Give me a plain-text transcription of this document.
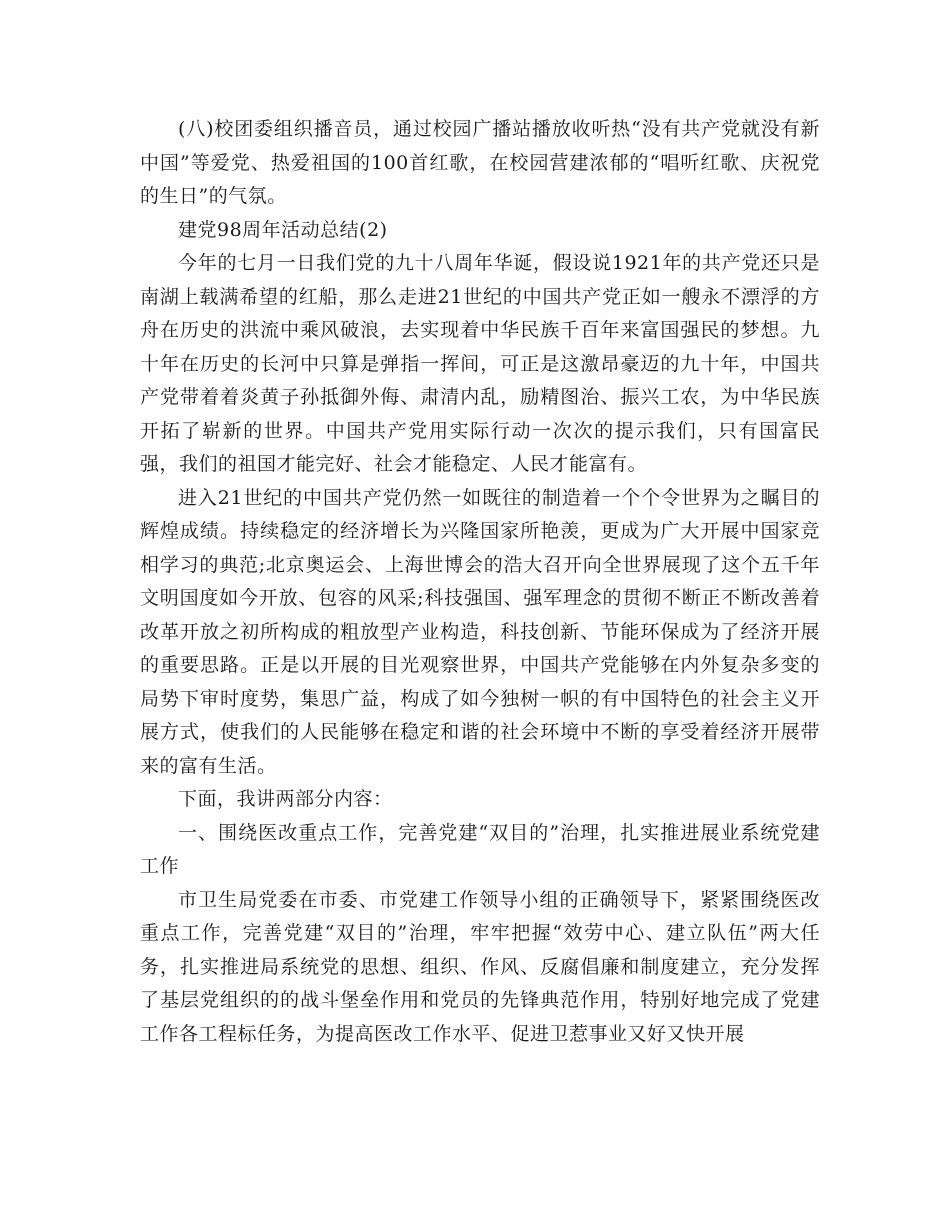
(八)校团委组织播音员，通过校园广播站播放收听热“没有共产党就没有新中国”等爱党、热爱祖国的100首红歌，在校园营建浓郁的“唱听红歌、庆祝党的生日”的气氛。

建党98周年活动总结(2)

今年的七月一日我们党的九十八周年华诞，假设说1921年的共产党还只是南湖上载满希望的红船，那么走进21世纪的中国共产党正如一艘永不漂浮的方舟在历史的洪流中乘风破浪，去实现着中华民族千百年来富国强民的梦想。九十年在历史的长河中只算是弹指一挥间，可正是这激昂豪迈的九十年，中国共产党带着着炎黄子孙抵御外侮、肃清内乱，励精图治、振兴工农，为中华民族开拓了崭新的世界。中国共产党用实际行动一次次的提示我们，只有国富民强，我们的祖国才能完好、社会才能稳定、人民才能富有。

进入21世纪的中国共产党仍然一如既往的制造着一个个令世界为之瞩目的辉煌成绩。持续稳定的经济增长为兴隆国家所艳羡，更成为广大开展中国家竞相学习的典范;北京奥运会、上海世博会的浩大召开向全世界展现了这个五千年文明国度如今开放、包容的风采;科技强国、强军理念的贯彻不断正不断改善着改革开放之初所构成的粗放型产业构造，科技创新、节能环保成为了经济开展的重要思路。正是以开展的目光观察世界，中国共产党能够在内外复杂多变的局势下审时度势，集思广益，构成了如今独树一帜的有中国特色的社会主义开展方式，使我们的人民能够在稳定和谐的社会环境中不断的享受着经济开展带来的富有生活。

下面，我讲两部分内容：

一、围绕医改重点工作，完善党建“双目的”治理，扎实推进展业系统党建工作

市卫生局党委在市委、市党建工作领导小组的正确领导下，紧紧围绕医改重点工作，完善党建“双目的”治理，牢牢把握“效劳中心、建立队伍”两大任务，扎实推进局系统党的思想、组织、作风、反腐倡廉和制度建立，充分发挥了基层党组织的的战斗堡垒作用和党员的先锋典范作用，特别好地完成了党建工作各工程标任务，为提高医改工作水平、促进卫惹事业又好又快开展
